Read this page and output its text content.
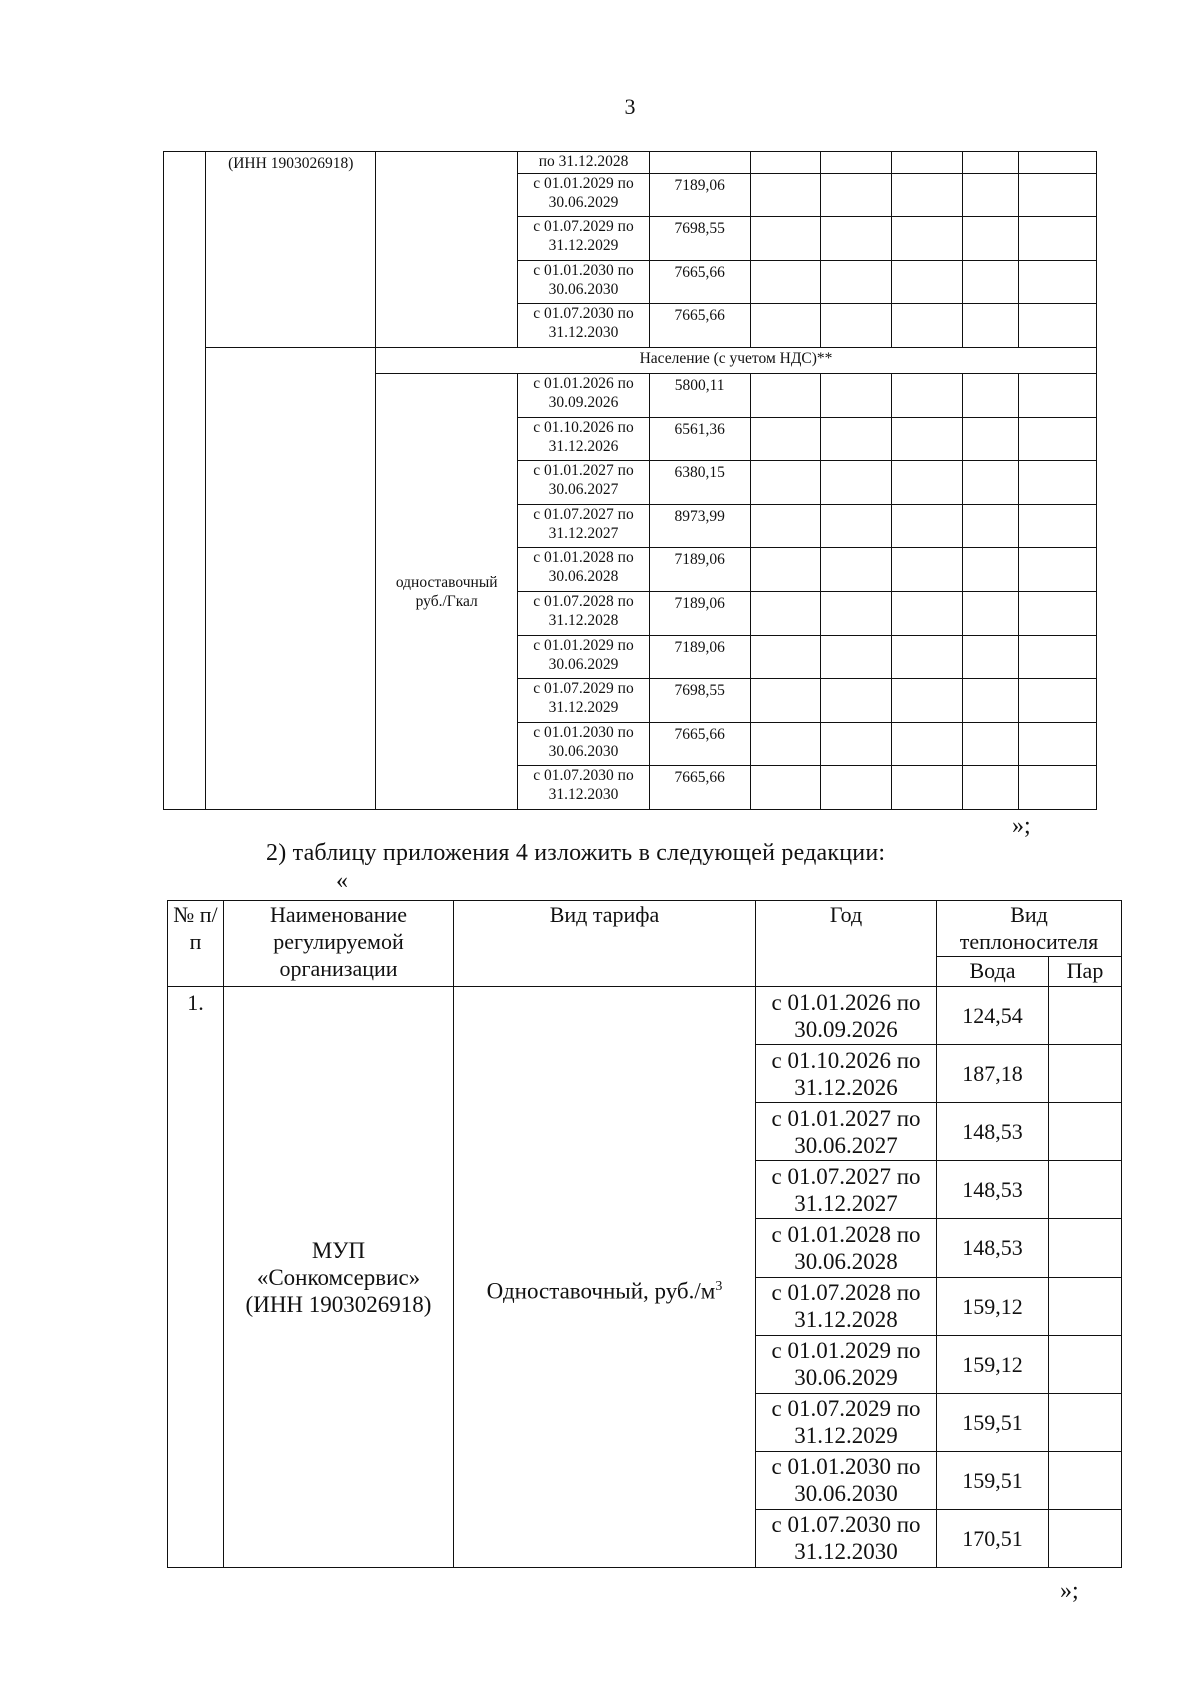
3
	(ИНН 1903026918)		по 31.12.2028						
			с 01.01.2029 по 30.06.2029	7189,06					
			с 01.07.2029 по 31.12.2029	7698,55					
			с 01.01.2030 по 30.06.2030	7665,66					
			с 01.07.2030 по 31.12.2030	7665,66					
		Население (с учетом НДС)**							
		одноставочный руб./Гкал	с 01.01.2026 по 30.09.2026	5800,11					
			с 01.10.2026 по 31.12.2026	6561,36					
			с 01.01.2027 по 30.06.2027	6380,15					
			с 01.07.2027 по 31.12.2027	8973,99					
			с 01.01.2028 по 30.06.2028	7189,06					
			с 01.07.2028 по 31.12.2028	7189,06					
			с 01.01.2029 по 30.06.2029	7189,06					
			с 01.07.2029 по 31.12.2029	7698,55					
			с 01.01.2030 по 30.06.2030	7665,66					
			с 01.07.2030 по 31.12.2030	7665,66					
»;
2) таблицу приложения 4 изложить в следующей редакции:
«
№ п/п	Наименование регулируемой организации	Вид тарифа	Год	Вид теплоносителя	
				Вода	Пар
1.	МУП «Сонкомсервис» (ИНН 1903026918)	Одноставочный, $руб./м^3$	с 01.01.2026 по 30.09.2026	124,54	
			с 01.10.2026 по 31.12.2026	187,18	
			с 01.01.2027 по 30.06.2027	148,53	
			с 01.07.2027 по 31.12.2027	148,53	
			с 01.01.2028 по 30.06.2028	148,53	
			с 01.07.2028 по 31.12.2028	159,12	
			с 01.01.2029 по 30.06.2029	159,12	
			с 01.07.2029 по 31.12.2029	159,51	
			с 01.01.2030 по 30.06.2030	159,51	
			с 01.07.2030 по 31.12.2030	170,51	
»;
